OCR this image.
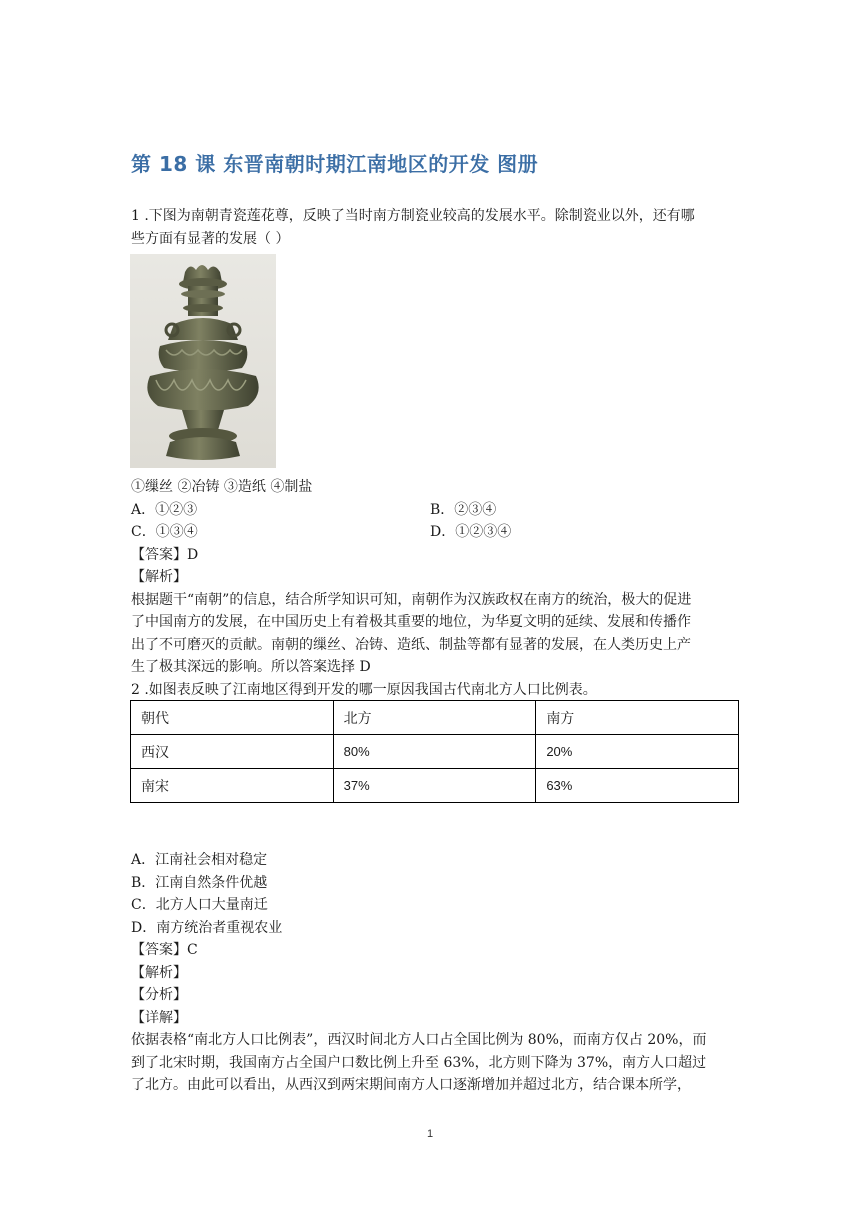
第 18 课 东晋南朝时期江南地区的开发 图册
1 .下图为南朝青瓷莲花尊，反映了当时南方制瓷业较高的发展水平。除制瓷业以外，还有哪
些方面有显著的发展（ ）
①缫丝 ②冶铸 ③造纸 ④制盐
A．①②③	B．②③④
C．①③④	D．①②③④
【答案】D
【解析】
根据题干“南朝”的信息，结合所学知识可知，南朝作为汉族政权在南方的统治，极大的促进
了中国南方的发展，在中国历史上有着极其重要的地位，为华夏文明的延续、发展和传播作
出了不可磨灭的贡献。南朝的缫丝、冶铸、造纸、制盐等都有显著的发展，在人类历史上产
生了极其深远的影响。所以答案选择 D
2 .如图表反映了江南地区得到开发的哪一原因我国古代南北方人口比例表。
朝代	北方	南方
西汉	80%	20%
南宋	37%	63%
A．江南社会相对稳定
B．江南自然条件优越
C．北方人口大量南迁
D．南方统治者重视农业
【答案】C
【解析】
【分析】
【详解】
依据表格“南北方人口比例表”，西汉时间北方人口占全国比例为 80%，而南方仅占 20%，而
到了北宋时期，我国南方占全国户口数比例上升至 63%，北方则下降为 37%，南方人口超过
了北方。由此可以看出，从西汉到两宋期间南方人口逐渐增加并超过北方，结合课本所学，
1
